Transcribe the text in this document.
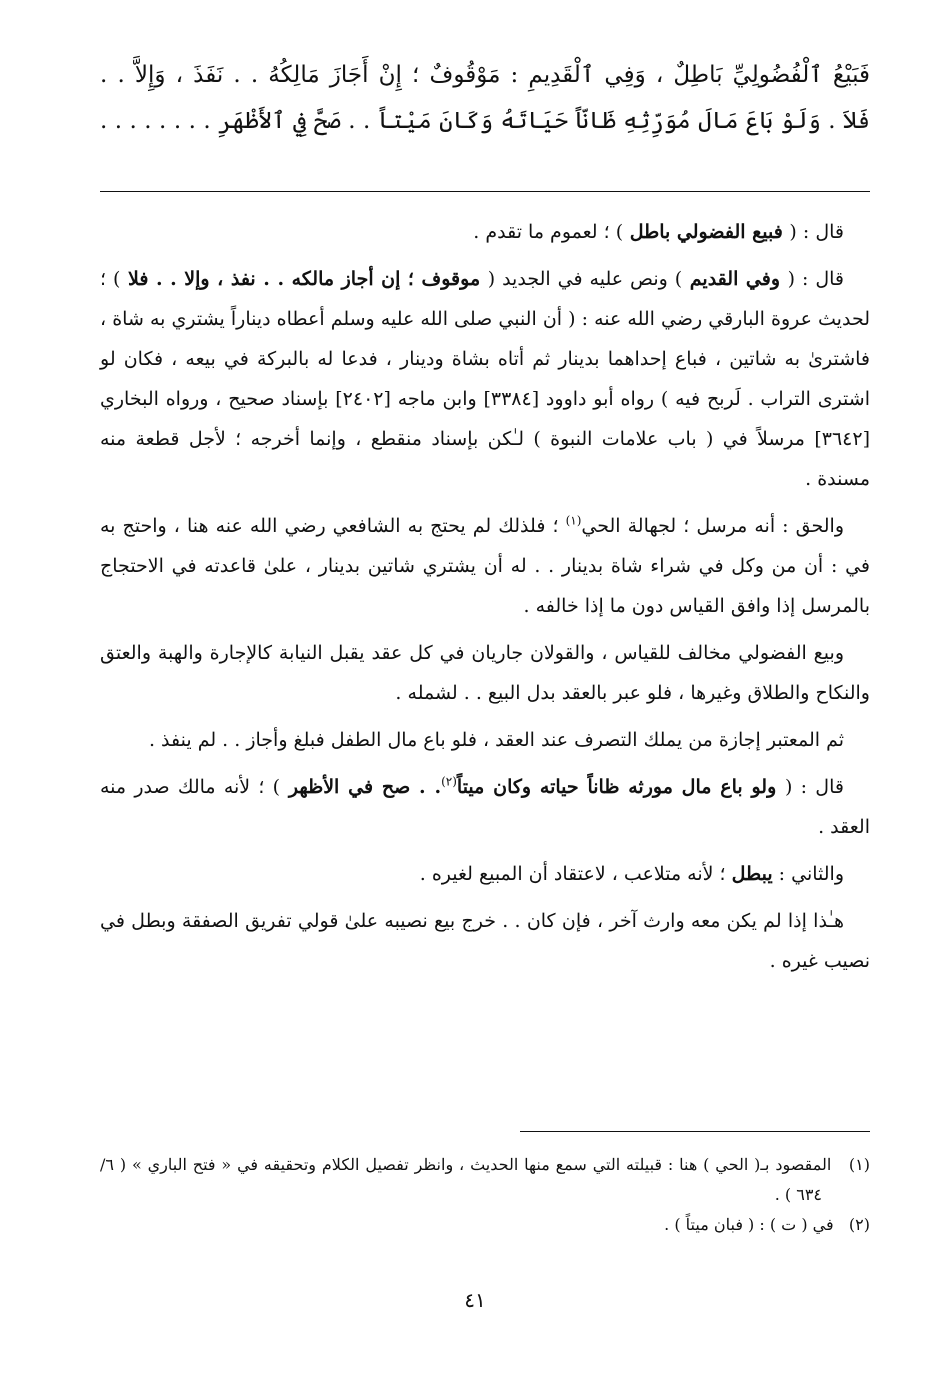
فَبَيْعُ ٱلْفُضُولِيِّ بَاطِلٌ ، وَفِي ٱلْقَدِيمِ : مَوْقُوفٌ ؛ إِنْ أَجَازَ مَالِكُهُ . . نَفَذَ ، وَإِلاَّ . .
فَلاَ . وَلَوْ بَاعَ مَالَ مُوَرِّثِهِ ظَانّاً حَيَاتَهُ وَكَانَ مَيْتاً . . صَحَّ فِي ٱلأَظْهَرِ . . . . . . . .

قال : ( فبيع الفضولي باطل ) ؛ لعموم ما تقدم .

قال : ( وفي القديم ) ونص عليه في الجديد ( موقوف ؛ إن أجاز مالكه . . نفذ ، وإلا . . فلا ) ؛ لحديث عروة البارقي رضي الله عنه : ( أن النبي صلى الله عليه وسلم أعطاه ديناراً يشتري به شاة ، فاشترىٰ به شاتين ، فباع إحداهما بدينار ثم أتاه بشاة ودينار ، فدعا له بالبركة في بيعه ، فكان لو اشترى التراب . لَربح فيه ) رواه أبو داوود [٣٣٨٤] وابن ماجه [٢٤٠٢] بإسناد صحيح ، ورواه البخاري [٣٦٤٢] مرسلاً في ( باب علامات النبوة ) لـٰكن بإسناد منقطع ، وإنما أخرجه ؛ لأجل قطعة منه مسندة .

والحق : أنه مرسل ؛ لجهالة الحي$^{(١)}$ ؛ فلذلك لم يحتج به الشافعي رضي الله عنه هنا ، واحتج به في : أن من وكل في شراء شاة بدينار . . له أن يشتري شاتين بدينار ، علىٰ قاعدته في الاحتجاج بالمرسل إذا وافق القياس دون ما إذا خالفه .

وبيع الفضولي مخالف للقياس ، والقولان جاريان في كل عقد يقبل النيابة كالإجارة والهبة والعتق والنكاح والطلاق وغيرها ، فلو عبر بالعقد بدل البيع . . لشمله .

ثم المعتبر إجازة من يملك التصرف عند العقد ، فلو باع مال الطفل فبلغ وأجاز . . لم ينفذ .

قال : ( ولو باع مال مورثه ظاناً حياته وكان ميتاً$^{(٢)}$. . صح في الأظهر ) ؛ لأنه مالك صدر منه العقد .

والثاني : يبطل ؛ لأنه متلاعب ، لاعتقاد أن المبيع لغيره .

هـٰذا إذا لم يكن معه وارث آخر ، فإن كان . . خرج بيع نصيبه علىٰ قولي تفريق الصفقة وبطل في نصيب غيره .

(١)   المقصود بـ( الحي ) هنا : قبيلته التي سمع منها الحديث ، وانظر تفصيل الكلام وتحقيقه في « فتح الباري » ( ٦/ ٦٣٤ ) .

(٢)   في ( ت ) : ( فبان ميتاً ) .

٤١
